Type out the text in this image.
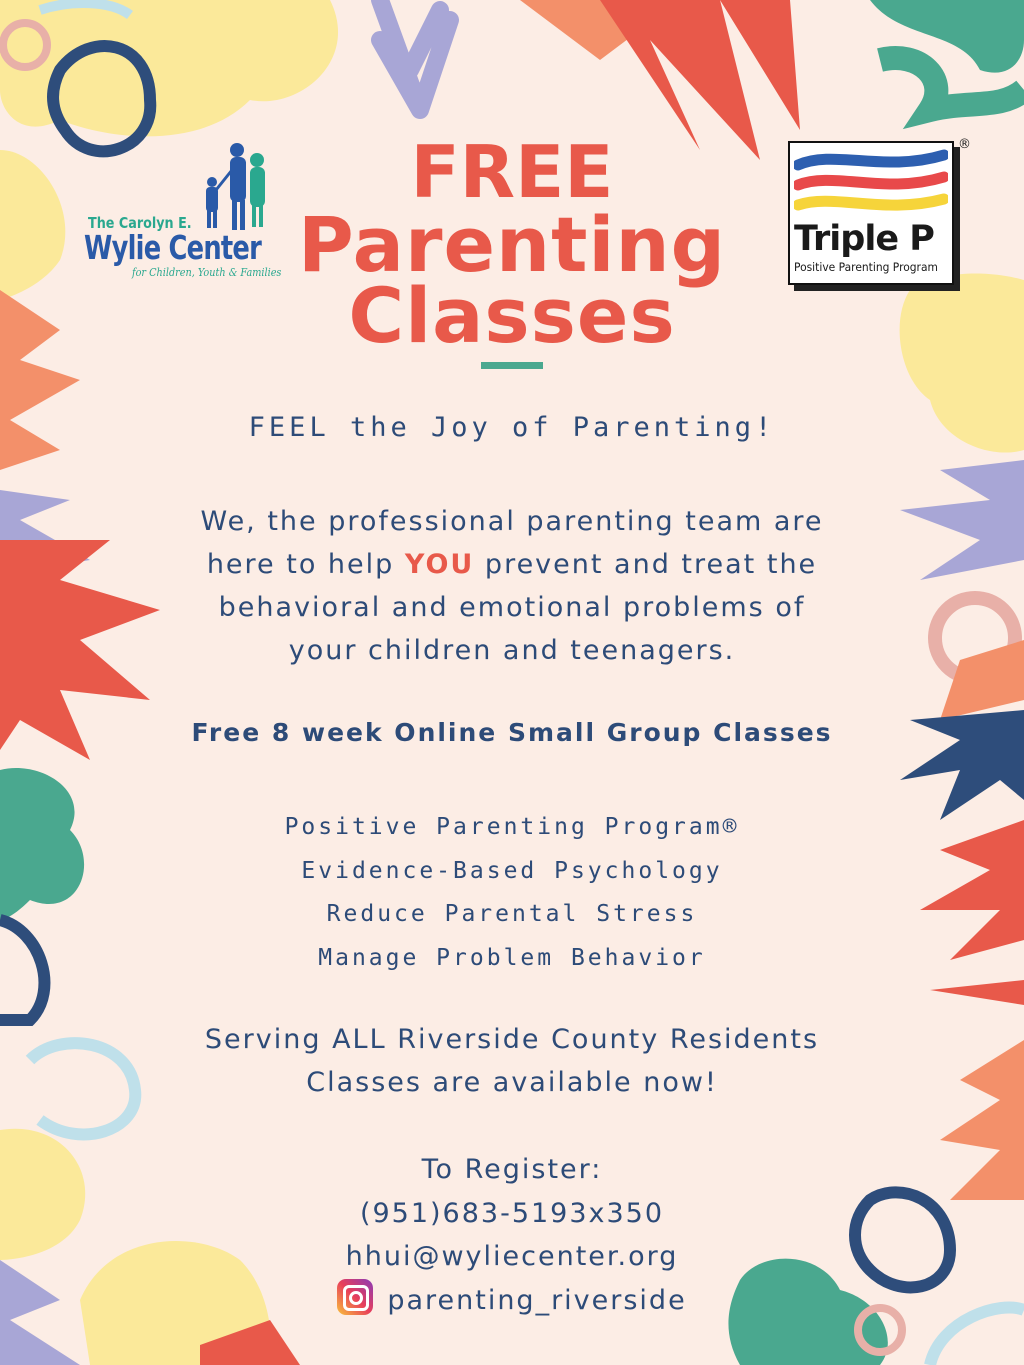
The Carolyn E.
Wylie Center
for Children, Youth & Families
Triple P
Positive Parenting Program
®
FREE
Parenting
Classes
FEEL the Joy of Parenting!
We, the professional parenting team are
here to help YOU prevent and treat the
behavioral and emotional problems of
your children and teenagers.
Free 8 week Online Small Group Classes
Positive Parenting Program®
Evidence-Based Psychology
Reduce Parental Stress
Manage Problem Behavior
Serving ALL Riverside County Residents
Classes are available now!
To Register:
(951)683-5193x350
hhui@wyliecenter.org
parenting_riverside
